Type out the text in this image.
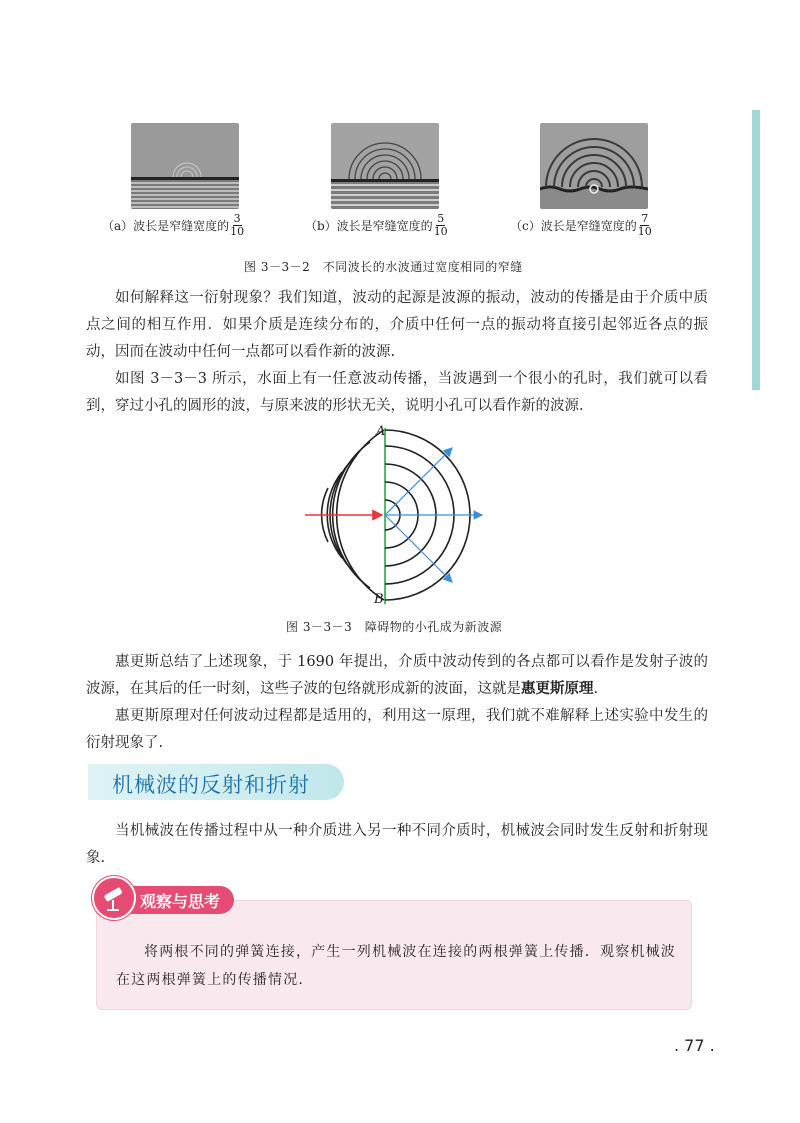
（a）波长是窄缝宽度的 $\frac{3}{10}$	（b）波长是窄缝宽度的 $\frac{5}{10}$	（c）波长是窄缝宽度的 $\frac{7}{10}$
图 3－3－2　不同波长的水波通过宽度相同的窄缝

如何解释这一衍射现象？我们知道，波动的起源是波源的振动，波动的传播是由于介质中质点之间的相互作用．如果介质是连续分布的，介质中任何一点的振动将直接引起邻近各点的振动，因而在波动中任何一点都可以看作新的波源.

如图 3－3－3 所示，水面上有一任意波动传播，当波遇到一个很小的孔时，我们就可以看到，穿过小孔的圆形的波，与原来波的形状无关，说明小孔可以看作新的波源.

A
B
图 3－3－3　障碍物的小孔成为新波源

惠更斯总结了上述现象，于 1690 年提出，介质中波动传到的各点都可以看作是发射子波的波源，在其后的任一时刻，这些子波的包络就形成新的波面，这就是惠更斯原理.

惠更斯原理对任何波动过程都是适用的，利用这一原理，我们就不难解释上述实验中发生的衍射现象了.

机械波的反射和折射

当机械波在传播过程中从一种介质进入另一种不同介质时，机械波会同时发生反射和折射现象.

观察与思考

将两根不同的弹簧连接，产生一列机械波在连接的两根弹簧上传播．观察机械波在这两根弹簧上的传播情况.

. 77 .
